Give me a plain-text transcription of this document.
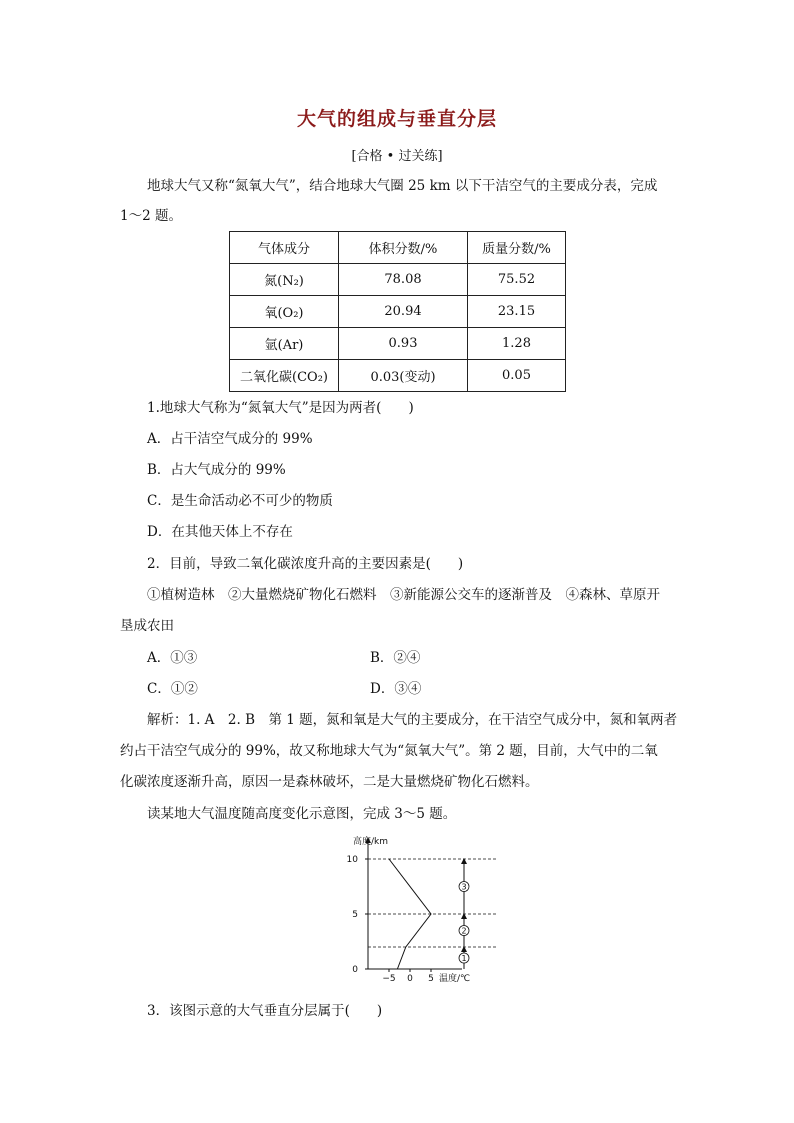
大气的组成与垂直分层
[合格 • 过关练]
地球大气又称“氮氧大气”，结合地球大气圈 25 km 以下干洁空气的主要成分表，完成
1～2 题。
气体成分	体积分数/%	质量分数/%
氮(N₂)	78.08	75.52
氧(O₂)	20.94	23.15
氩(Ar)	0.93	1.28
二氧化碳(CO₂)	0.03(变动)	0.05
1.地球大气称为“氮氧大气”是因为两者(　　)
A．占干洁空气成分的 99%
B．占大气成分的 99%
C．是生命活动必不可少的物质
D．在其他天体上不存在
2．目前，导致二氧化碳浓度升高的主要因素是(　　)
①植树造林　②大量燃烧矿物化石燃料　③新能源公交车的逐渐普及　④森林、草原开
垦成农田
A．①③	B．②④
C．①②	D．③④
解析：1. A　2. B　第 1 题，氮和氧是大气的主要成分，在干洁空气成分中，氮和氧两者
约占干洁空气成分的 99%，故又称地球大气为“氮氧大气”。第 2 题，目前，大气中的二氧
化碳浓度逐渐升高，原因一是森林破坏，二是大量燃烧矿物化石燃料。
读某地大气温度随高度变化示意图，完成 3～5 题。
高度/km
温度/℃
10
5
0
−5 0 5
1
2
3
3．该图示意的大气垂直分层属于(　　)
